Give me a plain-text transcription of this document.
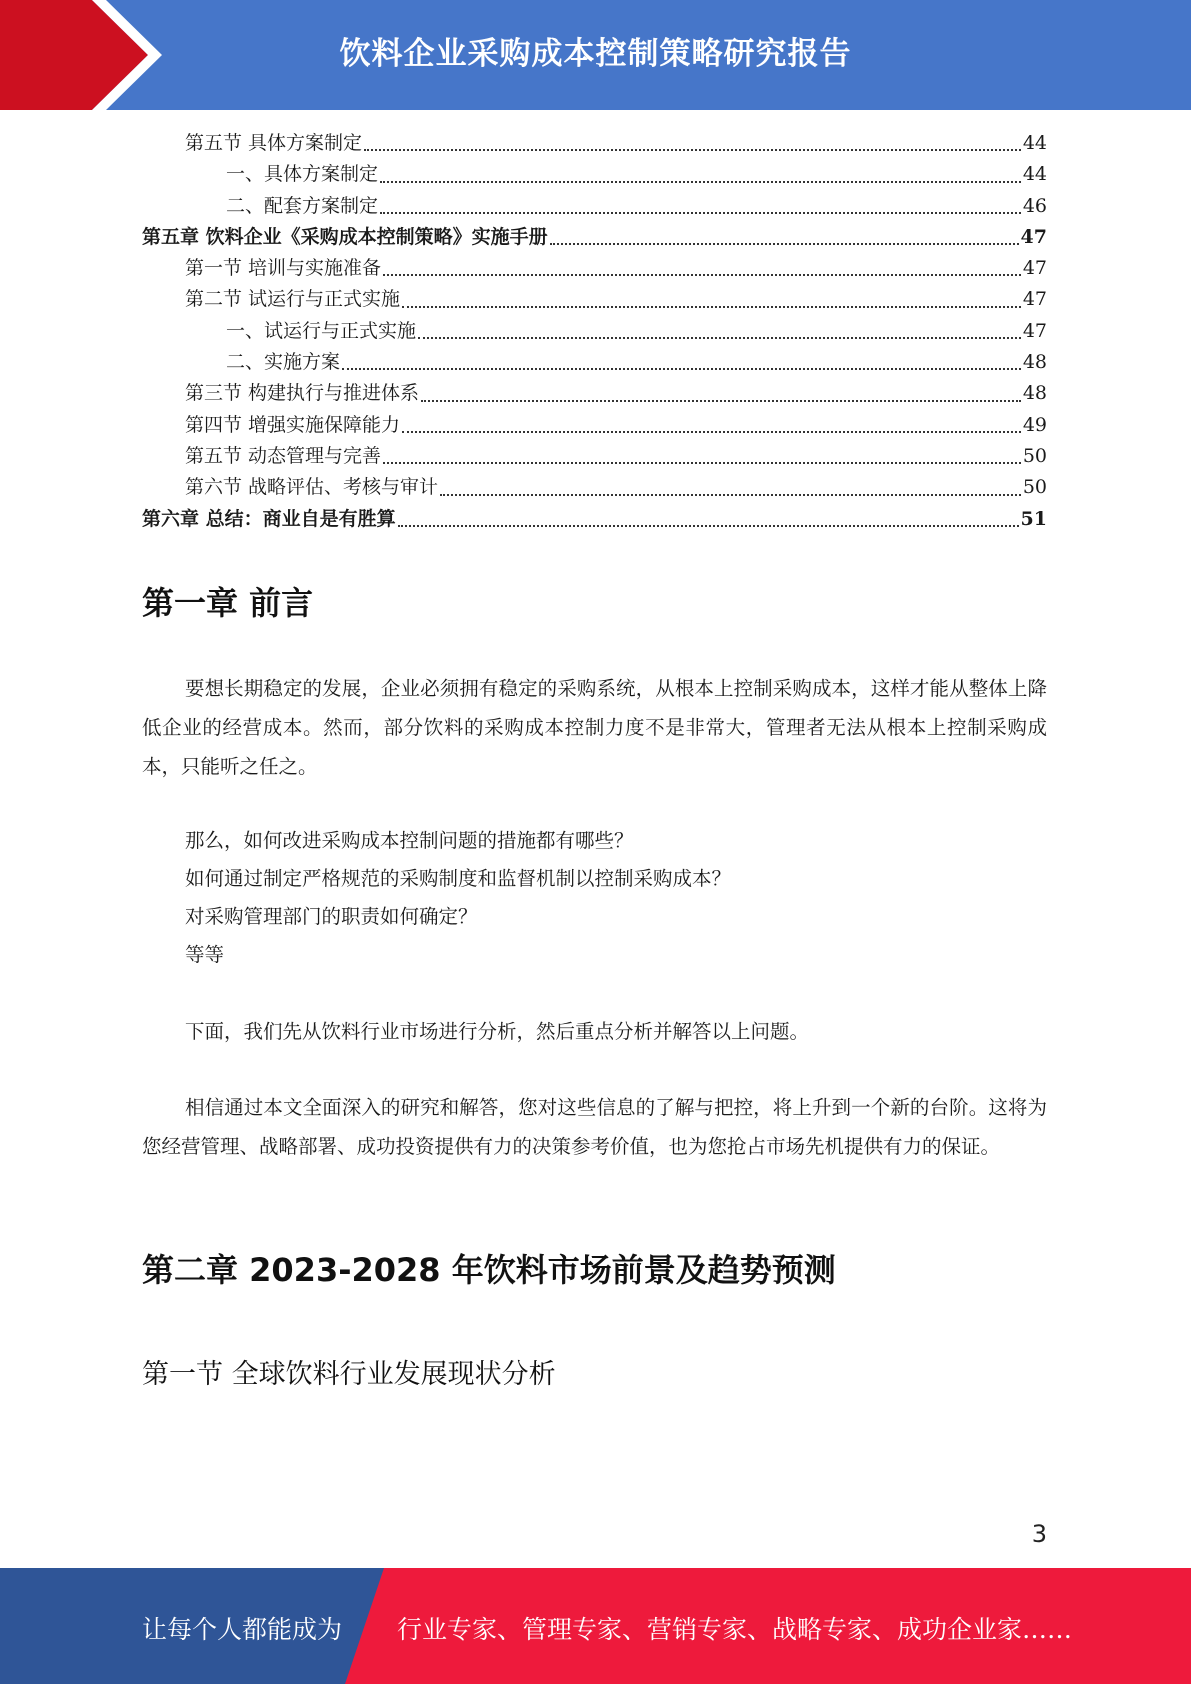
饮料企业采购成本控制策略研究报告
第五节 具体方案制定	44
一、具体方案制定	44
二、配套方案制定	46
第五章 饮料企业《采购成本控制策略》实施手册	47
第一节 培训与实施准备	47
第二节 试运行与正式实施	47
一、试运行与正式实施	47
二、实施方案	48
第三节 构建执行与推进体系	48
第四节 增强实施保障能力	49
第五节 动态管理与完善	50
第六节 战略评估、考核与审计	50
第六章 总结：商业自是有胜算	51
第一章 前言

要想长期稳定的发展，企业必须拥有稳定的采购系统，从根本上控制采购成本，这样才能从整体上降低企业的经营成本。然而，部分饮料的采购成本控制力度不是非常大，管理者无法从根本上控制采购成本，只能听之任之。

那么，如何改进采购成本控制问题的措施都有哪些？
如何通过制定严格规范的采购制度和监督机制以控制采购成本？
对采购管理部门的职责如何确定？
等等

下面，我们先从饮料行业市场进行分析，然后重点分析并解答以上问题。

相信通过本文全面深入的研究和解答，您对这些信息的了解与把控，将上升到一个新的台阶。这将为您经营管理、战略部署、成功投资提供有力的决策参考价值，也为您抢占市场先机提供有力的保证。

第二章 2023-2028 年饮料市场前景及趋势预测
第一节 全球饮料行业发展现状分析
3
让每个人都能成为 行业专家、管理专家、营销专家、战略专家、成功企业家……
